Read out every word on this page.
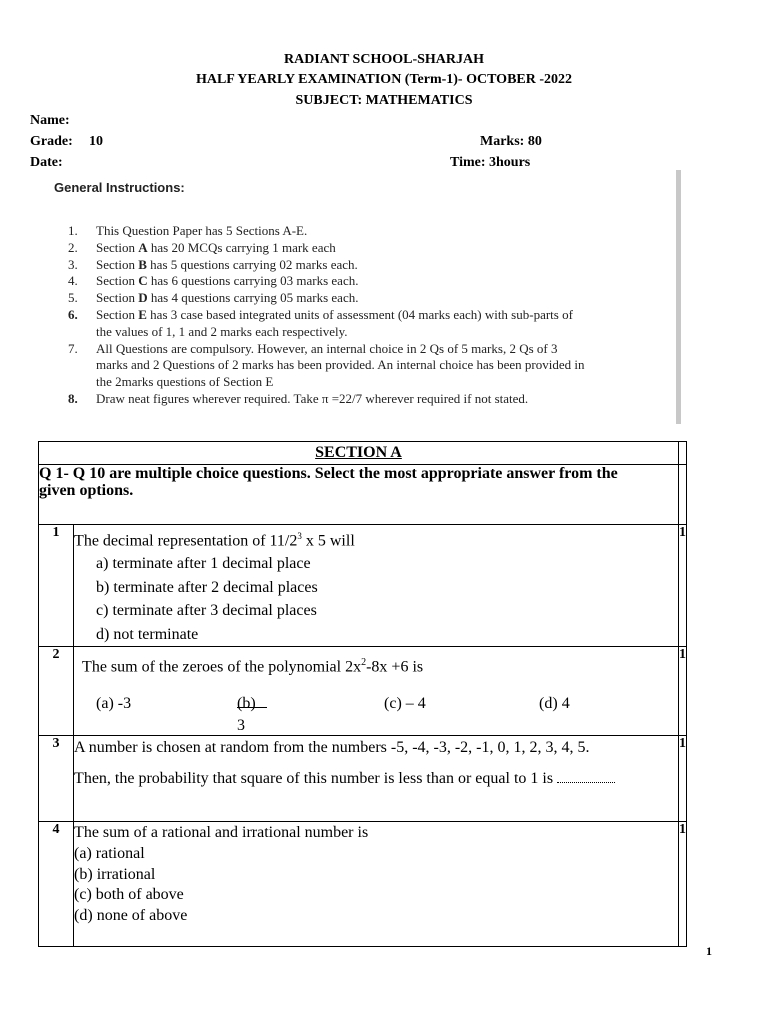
RADIANT SCHOOL-SHARJAH
HALF YEARLY EXAMINATION (Term-1)- OCTOBER -2022
SUBJECT: MATHEMATICS
Name:
Grade: 10
Date:
Marks: 80
Time: 3hours
General Instructions:
1.	This Question Paper has 5 Sections A-E.
2.	Section A has 20 MCQs carrying 1 mark each
3.	Section B has 5 questions carrying 02 marks each.
4.	Section C has 6 questions carrying 03 marks each.
5.	Section D has 4 questions carrying 05 marks each.
6.	Section E has 3 case based integrated units of assessment (04 marks each) with sub-parts of the values of 1, 1 and 2 marks each respectively.
7.	All Questions are compulsory. However, an internal choice in 2 Qs of 5 marks, 2 Qs of 3 marks and 2 Questions of 2 marks has been provided. An internal choice has been provided in the 2marks questions of Section E
8.	Draw neat figures wherever required. Take π =22/7 wherever required if not stated.
SECTION A		

Q 1- Q 10 are multiple choice questions. Select the most appropriate answer from the
given options.		

1	The decimal representation of $11/2^3$ x 5 will
a) terminate after 1 decimal place
b) terminate after 2 decimal places
c) terminate after 3 decimal places
d) not terminate	1
2	The sum of the zeroes of the polynomial $2x^2-8x +6$ is
(a) -3 (b) 3
(c) – 4 (d) 4	1
3	A number is chosen at random from the numbers -5, -4, -3, -2, -1, 0, 1, 2, 3, 4, 5.
Then, the probability that square of this number is less than or equal to 1 is	1
4	The sum of a rational and irrational number is
(a) rational
(b) irrational
(c) both of above
(d) none of above	1
1
